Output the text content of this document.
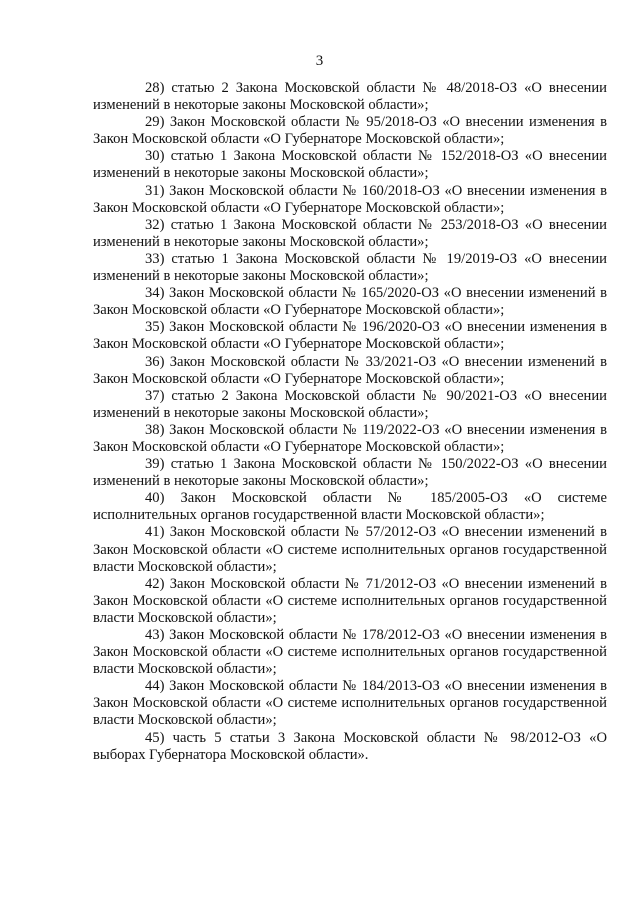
3

28) статью 2 Закона Московской области № 48/2018-ОЗ «О внесении изменений в некоторые законы Московской области»;

29) Закон Московской области № 95/2018-ОЗ «О внесении изменения в Закон Московской области «О Губернаторе Московской области»;

30) статью 1 Закона Московской области № 152/2018-ОЗ «О внесении изменений в некоторые законы Московской области»;

31) Закон Московской области № 160/2018-ОЗ «О внесении изменения в Закон Московской области «О Губернаторе Московской области»;

32) статью 1 Закона Московской области № 253/2018-ОЗ «О внесении изменений в некоторые законы Московской области»;

33) статью 1 Закона Московской области № 19/2019-ОЗ «О внесении изменений в некоторые законы Московской области»;

34) Закон Московской области № 165/2020-ОЗ «О внесении изменений в Закон Московской области «О Губернаторе Московской области»;

35) Закон Московской области № 196/2020-ОЗ «О внесении изменения в Закон Московской области «О Губернаторе Московской области»;

36) Закон Московской области № 33/2021-ОЗ «О внесении изменений в Закон Московской области «О Губернаторе Московской области»;

37) статью 2 Закона Московской области № 90/2021-ОЗ «О внесении изменений в некоторые законы Московской области»;

38) Закон Московской области № 119/2022-ОЗ «О внесении изменения в Закон Московской области «О Губернаторе Московской области»;

39) статью 1 Закона Московской области № 150/2022-ОЗ «О внесении изменений в некоторые законы Московской области»;

40) Закон Московской области № 185/2005-ОЗ «О системе исполнительных органов государственной власти Московской области»;

41) Закон Московской области № 57/2012-ОЗ «О внесении изменений в Закон Московской области «О системе исполнительных органов государственной власти Московской области»;

42) Закон Московской области № 71/2012-ОЗ «О внесении изменений в Закон Московской области «О системе исполнительных органов государственной власти Московской области»;

43) Закон Московской области № 178/2012-ОЗ «О внесении изменения в Закон Московской области «О системе исполнительных органов государственной власти Московской области»;

44) Закон Московской области № 184/2013-ОЗ «О внесении изменения в Закон Московской области «О системе исполнительных органов государственной власти Московской области»;

45) часть 5 статьи 3 Закона Московской области № 98/2012-ОЗ «О выборах Губернатора Московской области».
